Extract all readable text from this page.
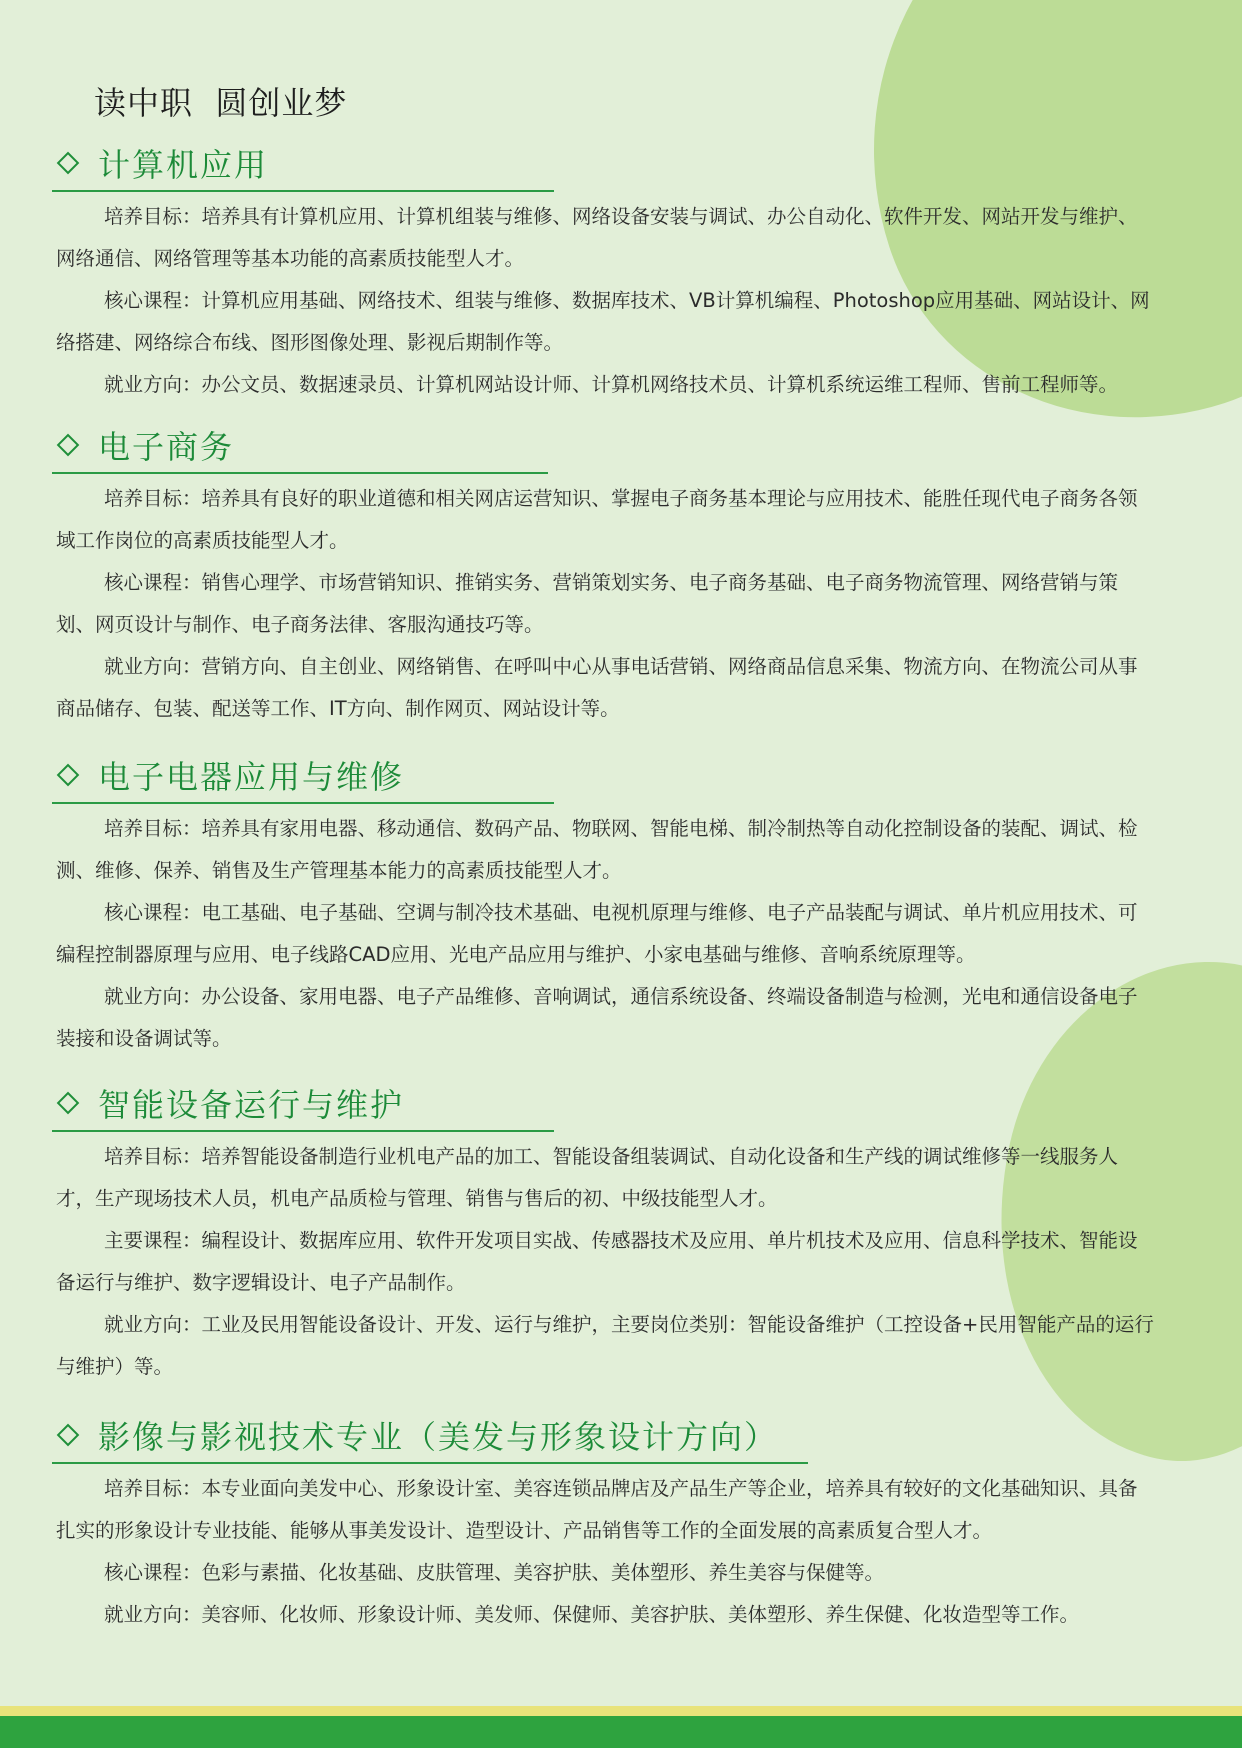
读中职  圆创业梦
计算机应用

培养目标：培养具有计算机应用、计算机组装与维修、网络设备安装与调试、办公自动化、软件开发、网站开发与维护、网络通信、网络管理等基本功能的高素质技能型人才。

核心课程：计算机应用基础、网络技术、组装与维修、数据库技术、VB计算机编程、Photoshop应用基础、网站设计、网络搭建、网络综合布线、图形图像处理、影视后期制作等。

就业方向：办公文员、数据速录员、计算机网站设计师、计算机网络技术员、计算机系统运维工程师、售前工程师等。

电子商务

培养目标：培养具有良好的职业道德和相关网店运营知识、掌握电子商务基本理论与应用技术、能胜任现代电子商务各领域工作岗位的高素质技能型人才。

核心课程：销售心理学、市场营销知识、推销实务、营销策划实务、电子商务基础、电子商务物流管理、网络营销与策划、网页设计与制作、电子商务法律、客服沟通技巧等。

就业方向：营销方向、自主创业、网络销售、在呼叫中心从事电话营销、网络商品信息采集、物流方向、在物流公司从事商品储存、包装、配送等工作、IT方向、制作网页、网站设计等。

电子电器应用与维修

培养目标：培养具有家用电器、移动通信、数码产品、物联网、智能电梯、制冷制热等自动化控制设备的装配、调试、检测、维修、保养、销售及生产管理基本能力的高素质技能型人才。

核心课程：电工基础、电子基础、空调与制冷技术基础、电视机原理与维修、电子产品装配与调试、单片机应用技术、可编程控制器原理与应用、电子线路CAD应用、光电产品应用与维护、小家电基础与维修、音响系统原理等。

就业方向：办公设备、家用电器、电子产品维修、音响调试，通信系统设备、终端设备制造与检测，光电和通信设备电子装接和设备调试等。

智能设备运行与维护

培养目标：培养智能设备制造行业机电产品的加工、智能设备组装调试、自动化设备和生产线的调试维修等一线服务人才，生产现场技术人员，机电产品质检与管理、销售与售后的初、中级技能型人才。

主要课程：编程设计、数据库应用、软件开发项目实战、传感器技术及应用、单片机技术及应用、信息科学技术、智能设备运行与维护、数字逻辑设计、电子产品制作。

就业方向：工业及民用智能设备设计、开发、运行与维护，主要岗位类别：智能设备维护（工控设备+民用智能产品的运行与维护）等。

影像与影视技术专业（美发与形象设计方向）

培养目标：本专业面向美发中心、形象设计室、美容连锁品牌店及产品生产等企业，培养具有较好的文化基础知识、具备扎实的形象设计专业技能、能够从事美发设计、造型设计、产品销售等工作的全面发展的高素质复合型人才。

核心课程：色彩与素描、化妆基础、皮肤管理、美容护肤、美体塑形、养生美容与保健等。

就业方向：美容师、化妆师、形象设计师、美发师、保健师、美容护肤、美体塑形、养生保健、化妆造型等工作。
